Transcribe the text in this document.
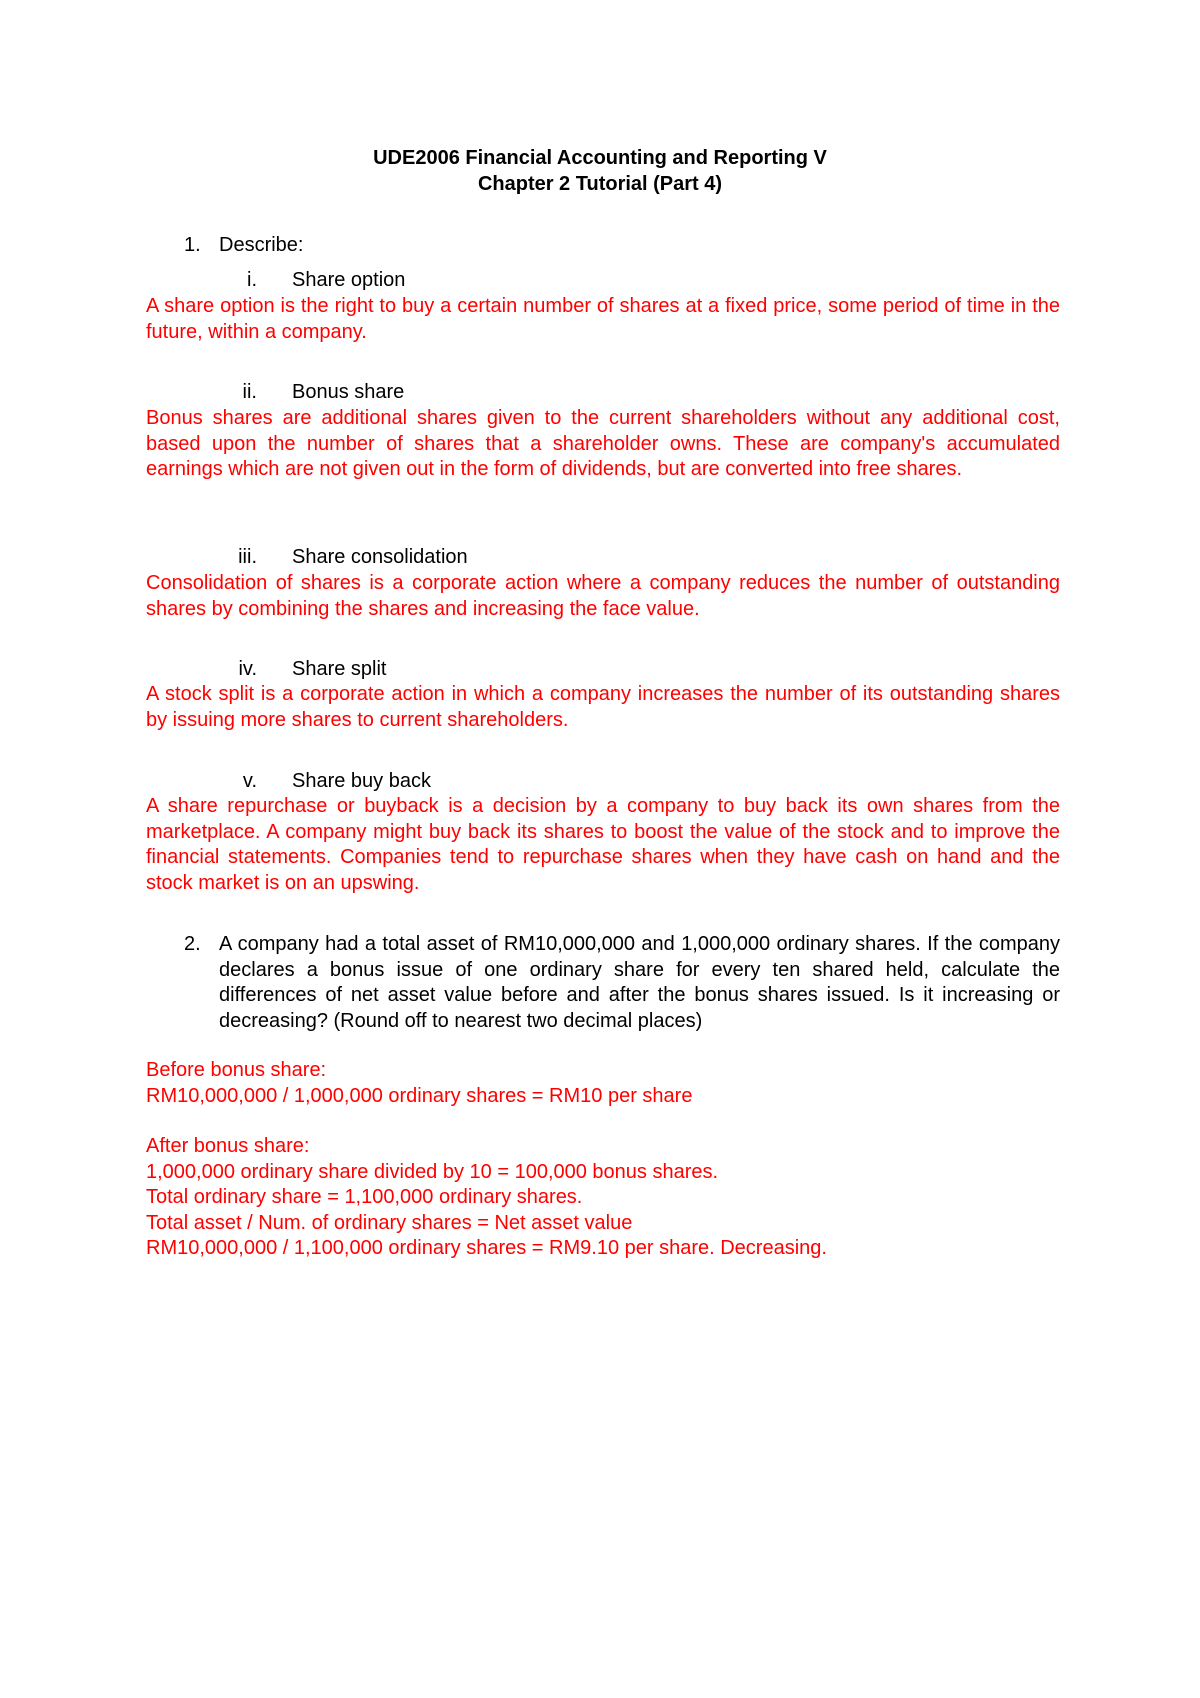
UDE2006 Financial Accounting and Reporting V
Chapter 2 Tutorial (Part 4)
1. Describe:
i. Share option
A share option is the right to buy a certain number of shares at a fixed price, some period of time in the future, within a company.
ii. Bonus share
Bonus shares are additional shares given to the current shareholders without any additional cost, based upon the number of shares that a shareholder owns. These are company's accumulated earnings which are not given out in the form of dividends, but are converted into free shares.
iii. Share consolidation
Consolidation of shares is a corporate action where a company reduces the number of outstanding shares by combining the shares and increasing the face value.
iv. Share split
A stock split is a corporate action in which a company increases the number of its outstanding shares by issuing more shares to current shareholders.
v. Share buy back
A share repurchase or buyback is a decision by a company to buy back its own shares from the marketplace. A company might buy back its shares to boost the value of the stock and to improve the financial statements. Companies tend to repurchase shares when they have cash on hand and the stock market is on an upswing.
2. A company had a total asset of RM10,000,000 and 1,000,000 ordinary shares. If the company declares a bonus issue of one ordinary share for every ten shared held, calculate the differences of net asset value before and after the bonus shares issued. Is it increasing or decreasing? (Round off to nearest two decimal places)
Before bonus share:
RM10,000,000 / 1,000,000 ordinary shares = RM10 per share
After bonus share:
1,000,000 ordinary share divided by 10 = 100,000 bonus shares.
Total ordinary share = 1,100,000 ordinary shares.
Total asset / Num. of ordinary shares = Net asset value
RM10,000,000 / 1,100,000 ordinary shares = RM9.10 per share. Decreasing.
